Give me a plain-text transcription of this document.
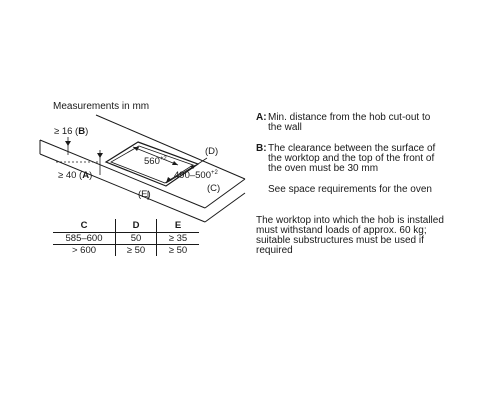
Measurements in mm
≥ 16 (B)
≥ 40 (A)
(D)
(C)
(E)
$560^{+2}$
$490-500^{+2}$
C	D	E
585–600	50	≥ 35
> 600	≥ 50	≥ 50
A: Min. distance from the hob cut-out to the wall
B: The clearance between the surface of the worktop and the top of the front of the oven must be 30 mm
See space requirements for the oven
The worktop into which the hob is installed must withstand loads of approx. 60 kg; suitable substructures must be used if required
